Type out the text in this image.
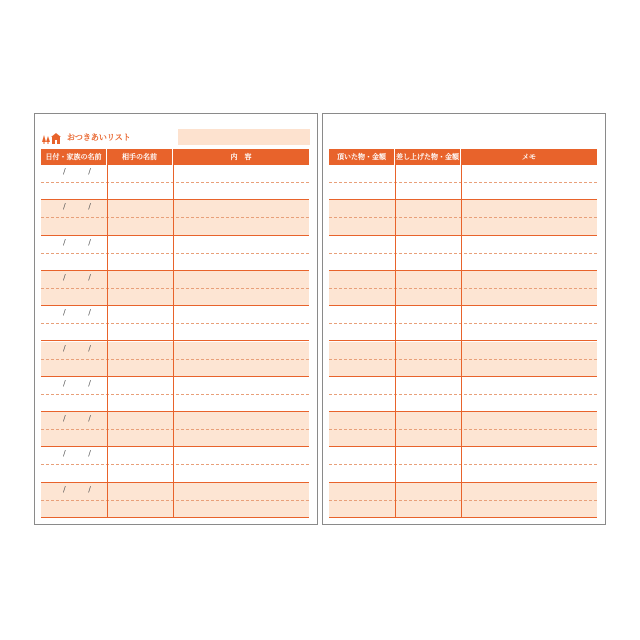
おつきあいリスト
日付・家族の名前	相手の名前	内　容
/ /
/ /
/ /
/ /
/ /
/ /
/ /
/ /
/ /
/ /
頂いた物・金額	差し上げた物・金額	メモ
